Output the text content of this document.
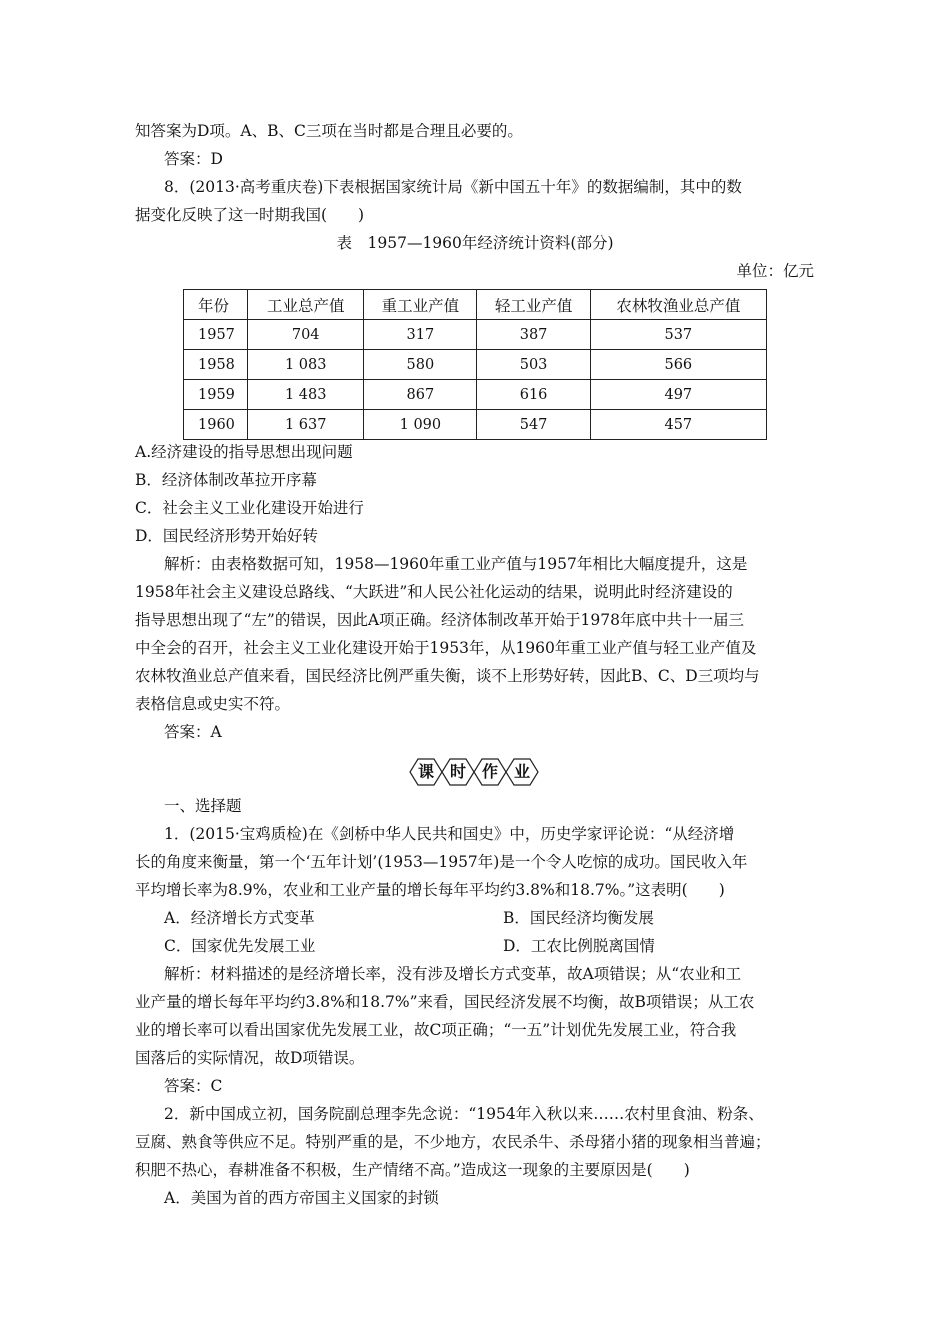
知答案为D项。A、B、C三项在当时都是合理且必要的。
答案：D
8．(2013·高考重庆卷)下表根据国家统计局《新中国五十年》的数据编制，其中的数
据变化反映了这一时期我国(　　)
表　1957—1960年经济统计资料(部分)
单位：亿元
年份	工业总产值	重工业产值	轻工业产值	农林牧渔业总产值
1957	704	317	387	537
1958	1 083	580	503	566
1959	1 483	867	616	497
1960	1 637	1 090	547	457
A.经济建设的指导思想出现问题
B．经济体制改革拉开序幕
C．社会主义工业化建设开始进行
D．国民经济形势开始好转
解析：由表格数据可知，1958—1960年重工业产值与1957年相比大幅度提升，这是
1958年社会主义建设总路线、“大跃进”和人民公社化运动的结果，说明此时经济建设的
指导思想出现了“左”的错误，因此A项正确。经济体制改革开始于1978年底中共十一届三
中全会的召开，社会主义工业化建设开始于1953年，从1960年重工业产值与轻工业产值及
农林牧渔业总产值来看，国民经济比例严重失衡，谈不上形势好转，因此B、C、D三项均与
表格信息或史实不符。
答案：A
课 时 作 业
一、选择题
1．(2015·宝鸡质检)在《剑桥中华人民共和国史》中，历史学家评论说：“从经济增
长的角度来衡量，第一个‘五年计划’(1953—1957年)是一个令人吃惊的成功。国民收入年
平均增长率为8.9%，农业和工业产量的增长每年平均约3.8%和18.7%。”这表明(　　)
A．经济增长方式变革	B．国民经济均衡发展
C．国家优先发展工业	D．工农比例脱离国情
解析：材料描述的是经济增长率，没有涉及增长方式变革，故A项错误；从“农业和工
业产量的增长每年平均约3.8%和18.7%”来看，国民经济发展不均衡，故B项错误；从工农
业的增长率可以看出国家优先发展工业，故C项正确；“一五”计划优先发展工业，符合我
国落后的实际情况，故D项错误。
答案：C
2．新中国成立初，国务院副总理李先念说：“1954年入秋以来……农村里食油、粉条、
豆腐、熟食等供应不足。特别严重的是，不少地方，农民杀牛、杀母猪小猪的现象相当普遍；
积肥不热心，春耕准备不积极，生产情绪不高。”造成这一现象的主要原因是(　　)
A．美国为首的西方帝国主义国家的封锁
